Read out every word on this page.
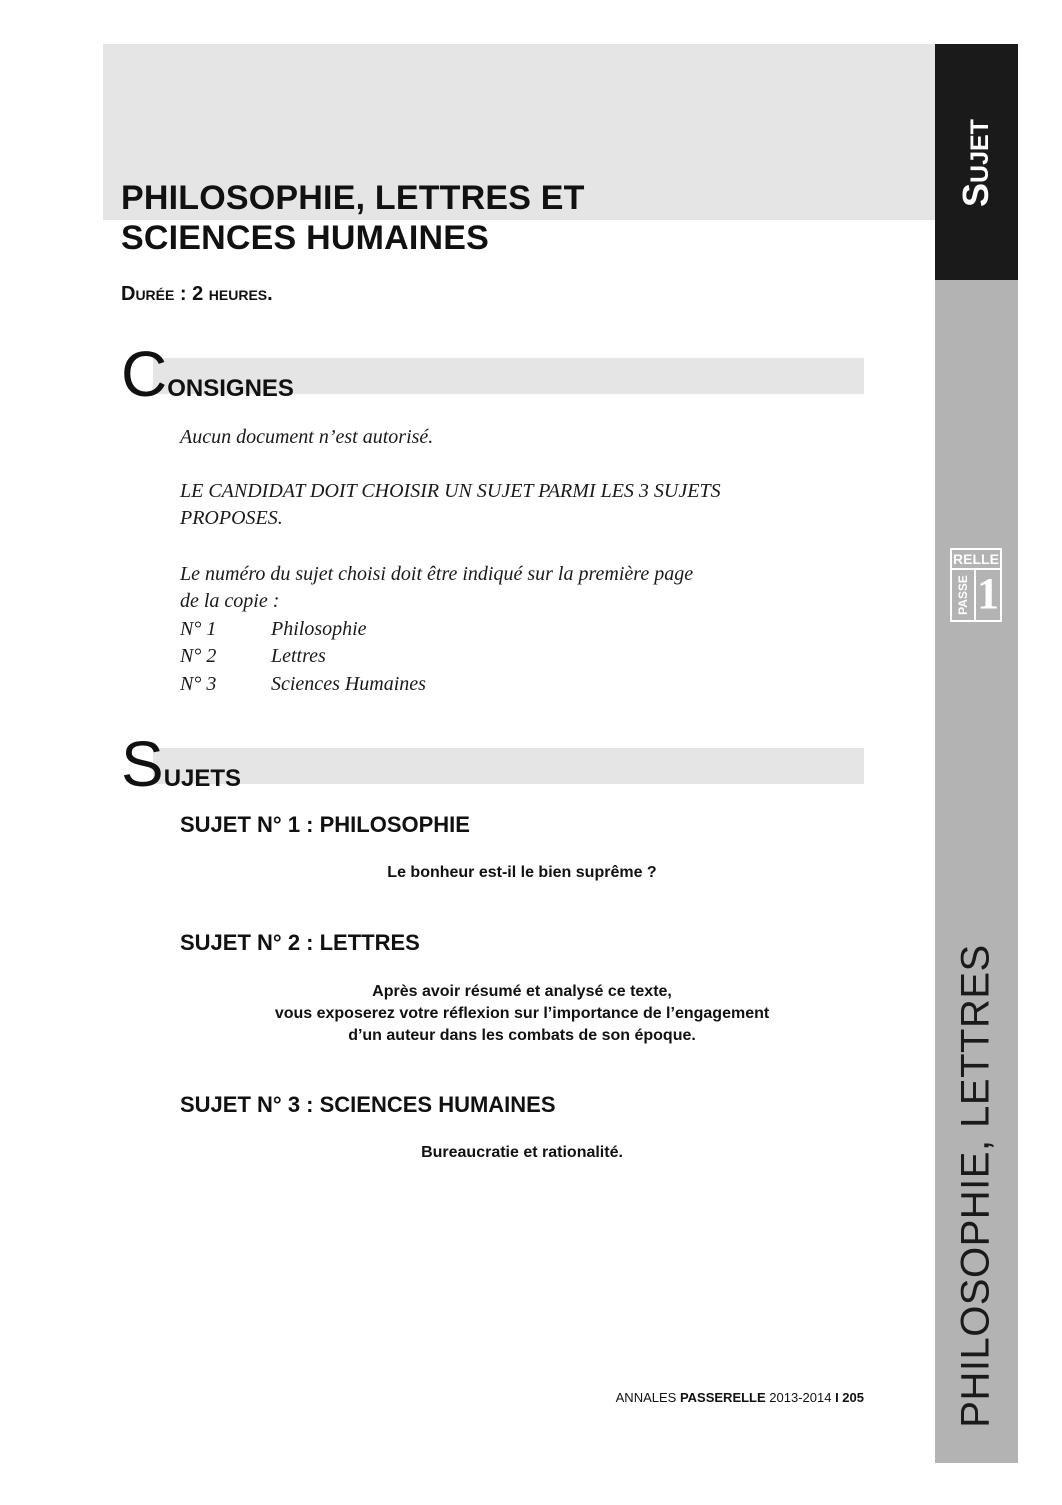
PHILOSOPHIE, LETTRES ET
SCIENCES HUMAINES
Durée : 2 heures.
Sujet
RELLE
PASSE 1
PHILOSOPHIE, LETTRES
CONSIGNES
Aucun document n’est autorisé.
LE CANDIDAT DOIT CHOISIR UN SUJET PARMI LES 3 SUJETS
PROPOSES.
Le numéro du sujet choisi doit être indiqué sur la première page
de la copie :
N° 1	Philosophie
N° 2	Lettres
N° 3	Sciences Humaines
SUJETS
SUJET N° 1 : PHILOSOPHIE
Le bonheur est-il le bien suprême ?
SUJET N° 2 : LETTRES
Après avoir résumé et analysé ce texte,
vous exposerez votre réflexion sur l’importance de l’engagement
d’un auteur dans les combats de son époque.
SUJET N° 3 : SCIENCES HUMAINES
Bureaucratie et rationalité.
ANNALES PASSERELLE 2013-2014 I 205
